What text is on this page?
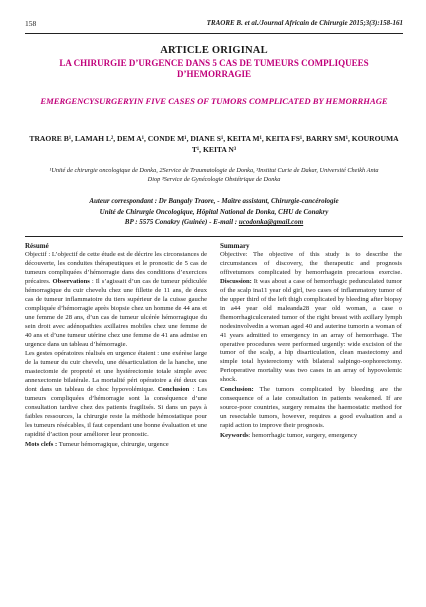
158	TRAORE B. et al./Journal Africain de Chirurgie 2015;3(3):158-161
ARTICLE ORIGINAL
LA CHIRURGIE D’URGENCE DANS 5 CAS DE TUMEURS COMPLIQUEES D’HEMORRAGIE
EMERGENCYSURGERYIN FIVE CASES OF TUMORS COMPLICATED BY HEMORRHAGE
TRAORE B¹, LAMAH L², DEM A¹, CONDE M¹, DIANE S¹, KEITA M¹, KEITA FS¹, BARRY SM¹, KOUROUMA T¹, KEITA N³
¹Unité de chirurgie oncologique de Donka, 2Service de Traumatologie de Donka, ³Institut Curie de Dakar, Université Cheikh Anta Diop ³Service de Gynécologie Obstétrique de Donka
Auteur correspondant : Dr Bangaly Traore, - Maître assistant, Chirurgie-cancérologie
Unité de Chirurgie Oncologique, Hôpital National de Donka, CHU de Conakry
BP : 5575 Conakry (Guinée) - E-mail : ucodonka@gmail.com
Résumé

Objectif : L’objectif de cette étude est de décrire les circonstances de découverte, les conduites thérapeutiques et le pronostic de 5 cas de tumeurs compliquées d’hémorragie dans des conditions d’exercices précaires. Observations : Il s’agissait d’un cas de tumeur pédiculée hémorragique du cuir chevelu chez une fillette de 11 ans, de deux cas de tumeur inflammatoire du tiers supérieur de la cuisse gauche compliquée d’hémorragie après biopsie chez un homme de 44 ans et une femme de 28 ans, d’un cas de tumeur ulcérée hémorragique du sein droit avec adénopathies axillaires mobiles chez une femme de 40 ans et d’une tumeur utérine chez une femme de 41 ans admise en urgence dans un tableau d’hémorragie.

Les gestes opératoires réalisés en urgence étaient : une exérèse large de la tumeur du cuir chevelu, une désarticulation de la hanche, une mastectomie de propreté et une hystérectomie totale simple avec annexectomie bilatérale. La mortalité péri opératoire a été deux cas dont dans un tableau de choc hypovolémique. Conclusion : Les tumeurs compliquées d’hémorragie sont la conséquence d’une consultation tardive chez des patients fragilisés. Si dans un pays à faibles ressources, la chirurgie reste la méthode hémostatique pour les tumeurs résécables, il faut cependant une bonne évaluation et une rapidité d’action pour améliorer leur pronostic.

Mots clefs : Tumeur hémorragique, chirurgie, urgence

Summary

Objective: The objective of this study is to describe the circumstances of discovery, the therapeutic and prognosis offivetumors complicated by hemorrhagein precarious exercise. Discussion: It was about a case of hemorrhagic pedunculated tumor of the scalp ina11 year old girl, two cases of inflammatory tumor of the upper third of the left thigh complicated by bleeding after biopsy in a44 year old maleanda28 year old woman, a case o fhemorrhagiculcerated tumor of the right breast with axillary lymph nodesinvolvedin a woman aged 40 and auterine tumorin a woman of 41 years admitted to emergency in an array of hemorrhage. The operative procedures were performed urgently: wide excision of the tumor of the scalp, a hip disarticulation, clean mastectomy and simple total hysterectomy with bilateral salpingo-oophorectomy. Perioperative mortality was two cases in an array of hypovolemic shock.

Conclusion: The tumors complicated by bleeding are the consequence of a late consultation in patients weakened. If are source-poor countries, surgery remains the haemostatic method for un resectable tumors, however, requires a good evaluation and a rapid action to improve their prognosis.

Keywords: hemorrhagic tumor, surgery, emergency
